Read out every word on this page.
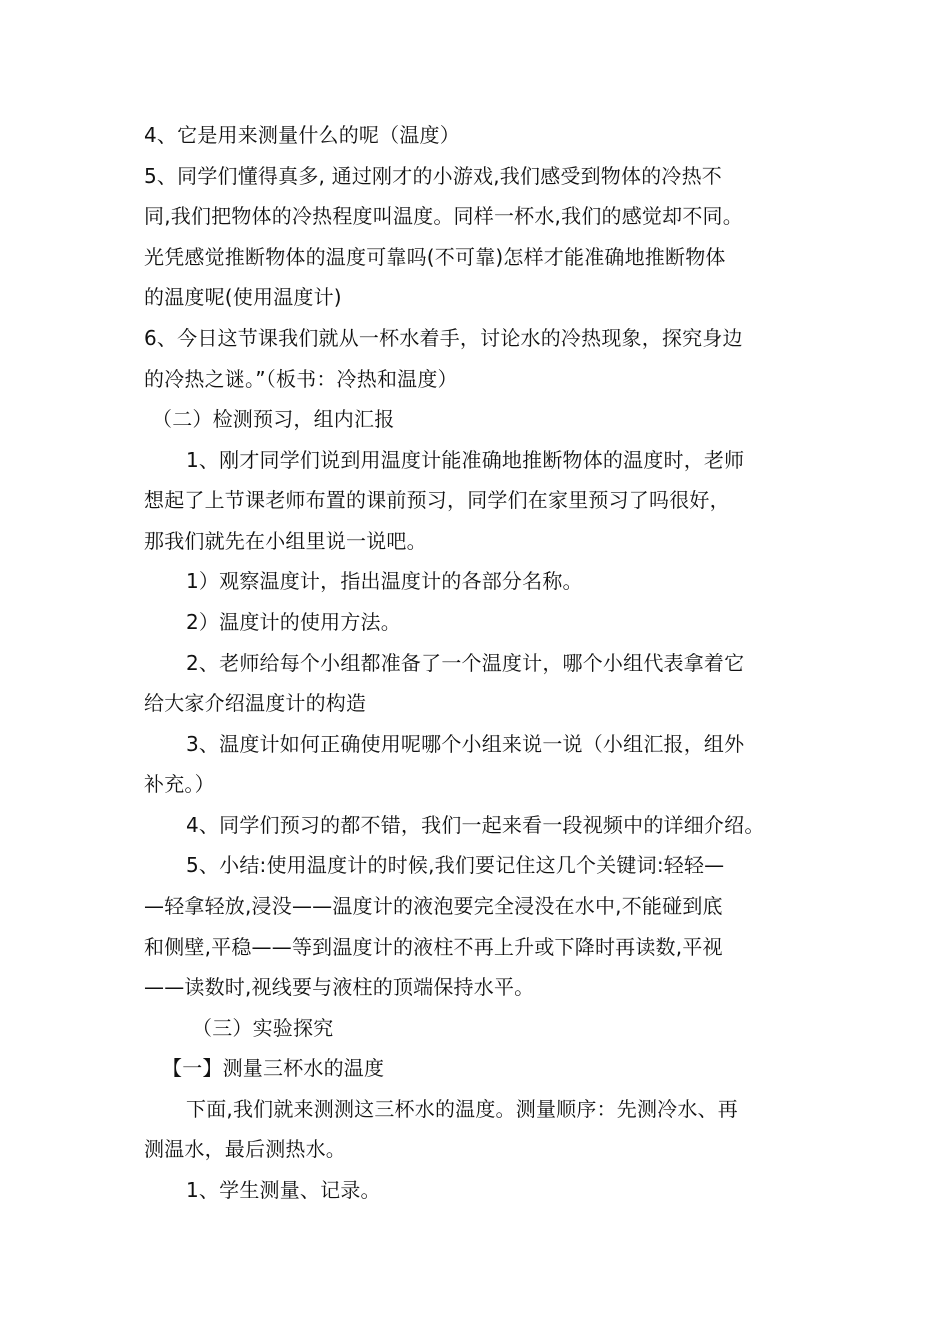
4、它是用来测量什么的呢（温度）
5、同学们懂得真多, 通过刚才的小游戏,我们感受到物体的冷热不
同,我们把物体的冷热程度叫温度。同样一杯水,我们的感觉却不同。
光凭感觉推断物体的温度可靠吗(不可靠)怎样才能准确地推断物体
的温度呢(使用温度计)
6、今日这节课我们就从一杯水着手，讨论水的冷热现象，探究身边
的冷热之谜。”（板书：冷热和温度）
（二）检测预习，组内汇报
1、刚才同学们说到用温度计能准确地推断物体的温度时，老师
想起了上节课老师布置的课前预习，同学们在家里预习了吗很好，
那我们就先在小组里说一说吧。
1）观察温度计，指出温度计的各部分名称。
2）温度计的使用方法。
2、老师给每个小组都准备了一个温度计，哪个小组代表拿着它
给大家介绍温度计的构造
3、温度计如何正确使用呢哪个小组来说一说（小组汇报，组外
补充。）
4、同学们预习的都不错，我们一起来看一段视频中的详细介绍。
5、小结:使用温度计的时候,我们要记住这几个关键词:轻轻—
—轻拿轻放,浸没——温度计的液泡要完全浸没在水中,不能碰到底
和侧壁,平稳——等到温度计的液柱不再上升或下降时再读数,平视
——读数时,视线要与液柱的顶端保持水平。
（三）实验探究
【一】测量三杯水的温度
下面,我们就来测测这三杯水的温度。测量顺序：先测冷水、再
测温水，最后测热水。
1、学生测量、记录。
